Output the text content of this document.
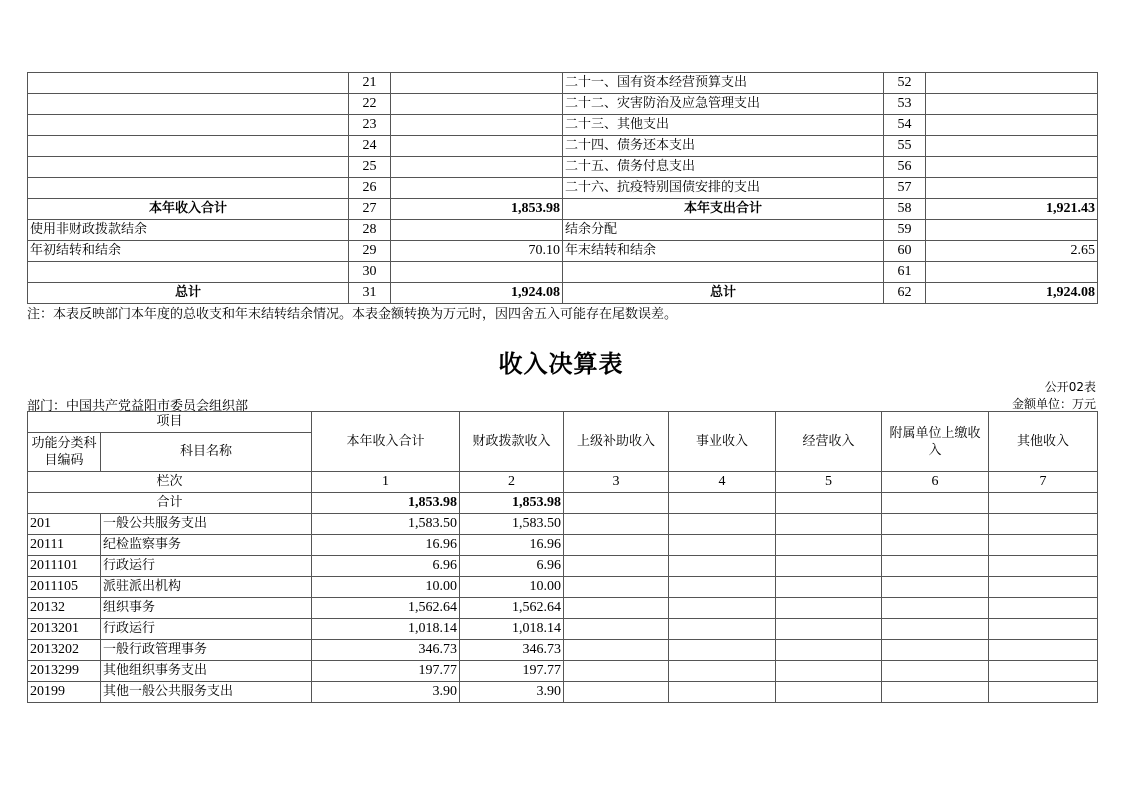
	21		二十一、国有资本经营预算支出	52	
	22		二十二、灾害防治及应急管理支出	53	
	23		二十三、其他支出	54	
	24		二十四、债务还本支出	55	
	25		二十五、债务付息支出	56	
	26		二十六、抗疫特别国债安排的支出	57	
本年收入合计	27	1,853.98	本年支出合计	58	1,921.43
使用非财政拨款结余	28		结余分配	59	
年初结转和结余	29	70.10	年末结转和结余	60	2.65
	30			61	
总计	31	1,924.08	总计	62	1,924.08
注：本表反映部门本年度的总收支和年末结转结余情况。本表金额转换为万元时，因四舍五入可能存在尾数误差。
收入决算表
公开02表
部门：中国共产党益阳市委员会组织部	金额单位：万元
项目		本年收入合计	财政拨款收入	上级补助收入	事业收入	经营收入	附属单位上缴收入	其他收入
功能分类科目编码	科目名称							

栏次		1	2	3	4	5	6	7
合计		1,853.98	1,853.98					
201	一般公共服务支出	1,583.50	1,583.50					
20111	纪检监察事务	16.96	16.96					
2011101	行政运行	6.96	6.96					
2011105	派驻派出机构	10.00	10.00					
20132	组织事务	1,562.64	1,562.64					
2013201	行政运行	1,018.14	1,018.14					
2013202	一般行政管理事务	346.73	346.73					
2013299	其他组织事务支出	197.77	197.77					
20199	其他一般公共服务支出	3.90	3.90					
